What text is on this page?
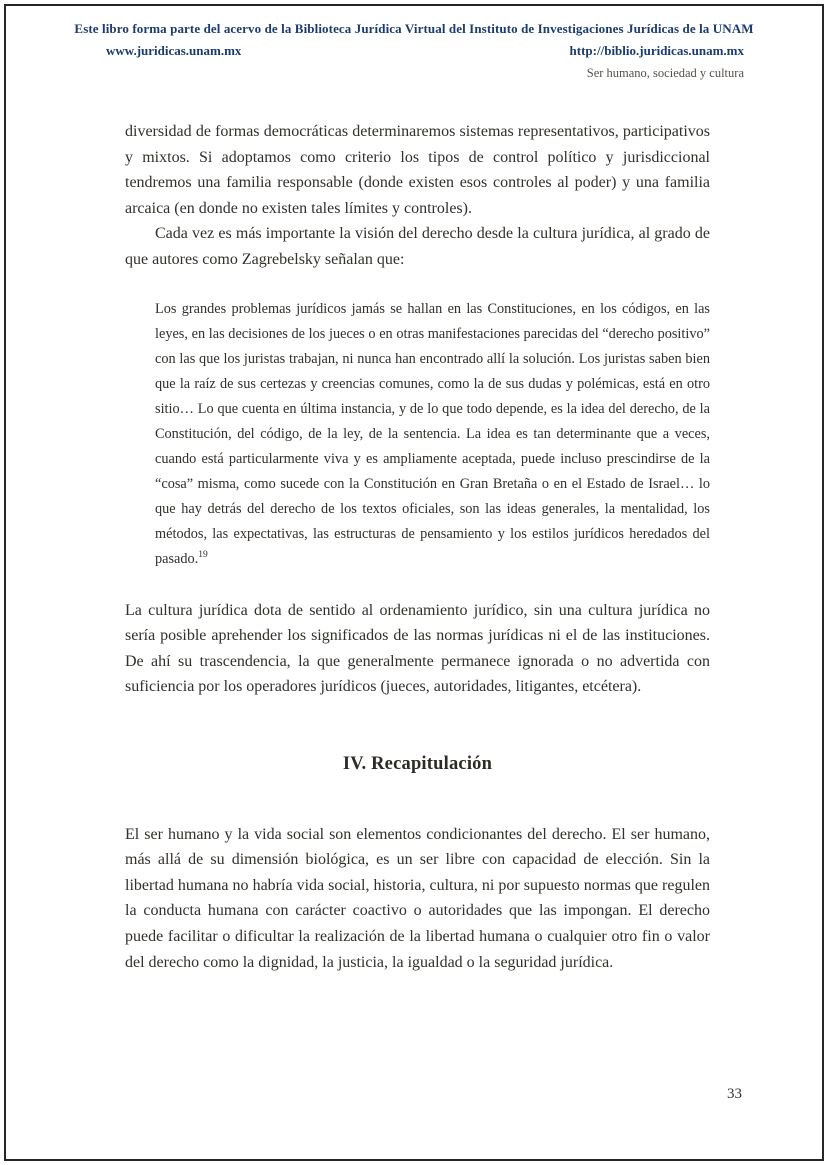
Este libro forma parte del acervo de la Biblioteca Jurídica Virtual del Instituto de Investigaciones Jurídicas de la UNAM
www.juridicas.unam.mx	http://biblio.juridicas.unam.mx
Ser humano, sociedad y cultura

diversidad de formas democráticas determinaremos sistemas representativos, participativos y mixtos. Si adoptamos como criterio los tipos de control político y jurisdiccional tendremos una familia responsable (donde existen esos controles al poder) y una familia arcaica (en donde no existen tales límites y controles).

Cada vez es más importante la visión del derecho desde la cultura jurídica, al grado de que autores como Zagrebelsky señalan que:

Los grandes problemas jurídicos jamás se hallan en las Constituciones, en los códigos, en las leyes, en las decisiones de los jueces o en otras manifestaciones parecidas del “derecho positivo” con las que los juristas trabajan, ni nunca han encontrado allí la solución. Los juristas saben bien que la raíz de sus certezas y creencias comunes, como la de sus dudas y polémicas, está en otro sitio… Lo que cuenta en última instancia, y de lo que todo depende, es la idea del derecho, de la Constitución, del código, de la ley, de la sentencia. La idea es tan determinante que a veces, cuando está particularmente viva y es ampliamente aceptada, puede incluso prescindirse de la “cosa” misma, como sucede con la Constitución en Gran Bretaña o en el Estado de Israel… lo que hay detrás del derecho de los textos oficiales, son las ideas generales, la mentalidad, los métodos, las expectativas, las estructuras de pensamiento y los estilos jurídicos heredados del pasado.$^{19}$

La cultura jurídica dota de sentido al ordenamiento jurídico, sin una cultura jurídica no sería posible aprehender los significados de las normas jurídicas ni el de las instituciones. De ahí su trascendencia, la que generalmente permanece ignorada o no advertida con suficiencia por los operadores jurídicos (jueces, autoridades, litigantes, etcétera).

IV. Recapitulación

El ser humano y la vida social son elementos condicionantes del derecho. El ser humano, más allá de su dimensión biológica, es un ser libre con capacidad de elección. Sin la libertad humana no habría vida social, historia, cultura, ni por supuesto normas que regulen la conducta humana con carácter coactivo o autoridades que las impongan. El derecho puede facilitar o dificultar la realización de la libertad humana o cualquier otro fin o valor del derecho como la dignidad, la justicia, la igualdad o la seguridad jurídica.

33
